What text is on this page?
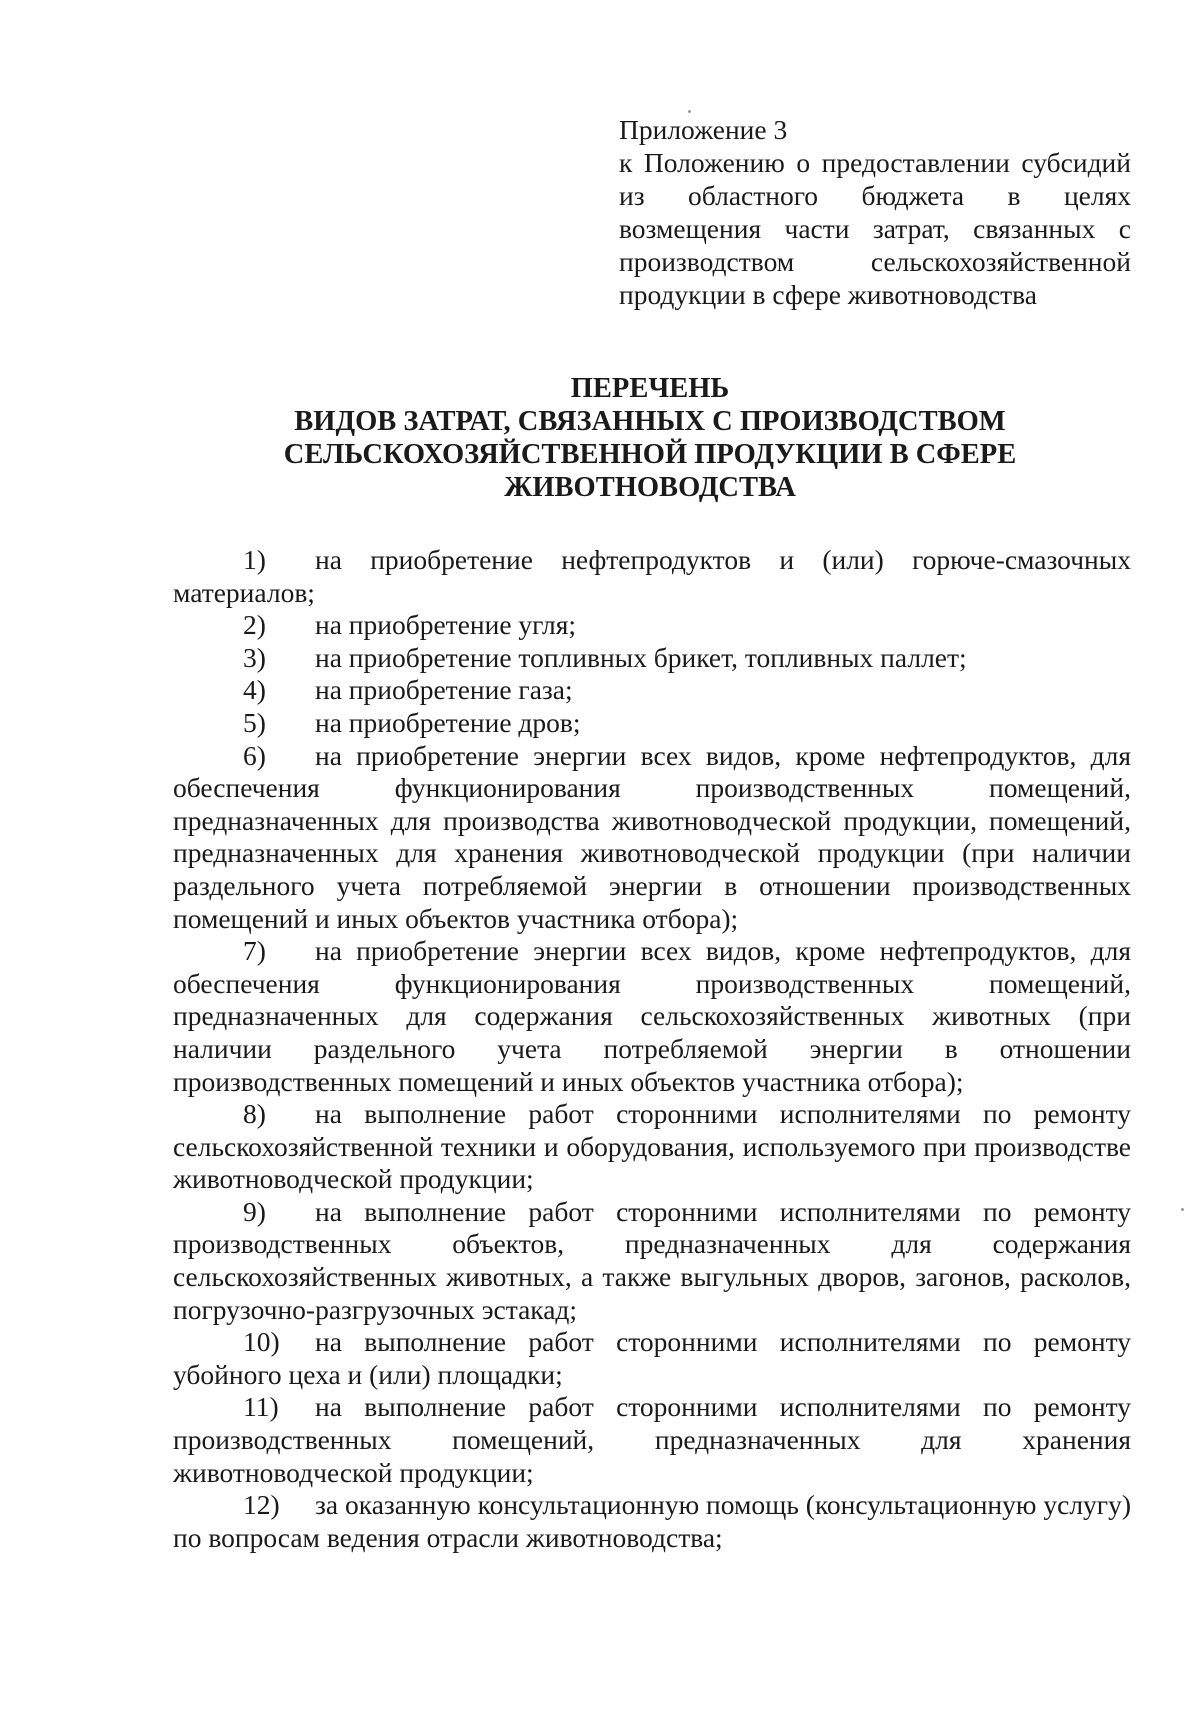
Приложение 3
к Положению о предоставлении субсидий из областного бюджета в целях возмещения части затрат, связанных с производством сельскохозяйственной продукции в сфере животноводства
ПЕРЕЧЕНЬ
ВИДОВ ЗАТРАТ, СВЯЗАННЫХ С ПРОИЗВОДСТВОМ
СЕЛЬСКОХОЗЯЙСТВЕННОЙ ПРОДУКЦИИ В СФЕРЕ
ЖИВОТНОВОДСТВА

1) на приобретение нефтепродуктов и (или) горюче-смазочных материалов;

2) на приобретение угля;

3) на приобретение топливных брикет, топливных паллет;

4) на приобретение газа;

5) на приобретение дров;

6) на приобретение энергии всех видов, кроме нефтепродуктов, для обеспечения функционирования производственных помещений, предназначенных для производства животноводческой продукции, помещений, предназначенных для хранения животноводческой продукции (при наличии раздельного учета потребляемой энергии в отношении производственных помещений и иных объектов участника отбора);

7) на приобретение энергии всех видов, кроме нефтепродуктов, для обеспечения функционирования производственных помещений, предназначенных для содержания сельскохозяйственных животных (при наличии раздельного учета потребляемой энергии в отношении производственных помещений и иных объектов участника отбора);

8) на выполнение работ сторонними исполнителями по ремонту сельскохозяйственной техники и оборудования, используемого при производстве животноводческой продукции;

9) на выполнение работ сторонними исполнителями по ремонту производственных объектов, предназначенных для содержания сельскохозяйственных животных, а также выгульных дворов, загонов, расколов, погрузочно-разгрузочных эстакад;

10) на выполнение работ сторонними исполнителями по ремонту убойного цеха и (или) площадки;

11) на выполнение работ сторонними исполнителями по ремонту производственных помещений, предназначенных для хранения животноводческой продукции;

12) за оказанную консультационную помощь (консультационную услугу) по вопросам ведения отрасли животноводства;
